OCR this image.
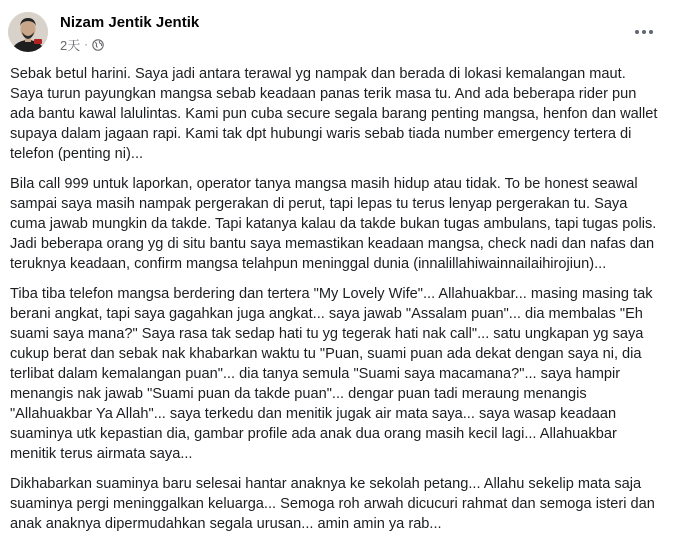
Nizam Jentik Jentik
2天 ·

Sebak betul harini. Saya jadi antara terawal yg nampak dan berada di lokasi kemalangan maut. Saya turun payungkan mangsa sebab keadaan panas terik masa tu. And ada beberapa rider pun ada bantu kawal lalulintas. Kami pun cuba secure segala barang penting mangsa, henfon dan wallet supaya dalam jagaan rapi. Kami tak dpt hubungi waris sebab tiada number emergency tertera di telefon (penting ni)...

Bila call 999 untuk laporkan, operator tanya mangsa masih hidup atau tidak. To be honest seawal sampai saya masih nampak pergerakan di perut, tapi lepas tu terus lenyap pergerakan tu. Saya cuma jawab mungkin da takde. Tapi katanya kalau da takde bukan tugas ambulans, tapi tugas polis. Jadi beberapa orang yg di situ bantu saya memastikan keadaan mangsa, check nadi dan nafas dan teruknya keadaan, confirm mangsa telahpun meninggal dunia (innalillahiwainnailaihirojiun)...

Tiba tiba telefon mangsa berdering dan tertera "My Lovely Wife"... Allahuakbar... masing masing tak berani angkat, tapi saya gagahkan juga angkat... saya jawab "Assalam puan"... dia membalas "Eh suami saya mana?" Saya rasa tak sedap hati tu yg tegerak hati nak call"... satu ungkapan yg saya cukup berat dan sebak nak khabarkan waktu tu "Puan, suami puan ada dekat dengan saya ni, dia terlibat dalam kemalangan puan"... dia tanya semula "Suami saya macamana?"... saya hampir menangis nak jawab "Suami puan da takde puan"... dengar puan tadi meraung menangis "Allahuakbar Ya Allah"... saya terkedu dan menitik jugak air mata saya... saya wasap keadaan suaminya utk kepastian dia, gambar profile ada anak dua orang masih kecil lagi... Allahuakbar menitik terus airmata saya...

Dikhabarkan suaminya baru selesai hantar anaknya ke sekolah petang... Allahu sekelip mata saja suaminya pergi meninggalkan keluarga... Semoga roh arwah dicucuri rahmat dan semoga isteri dan anak anaknya dipermudahkan segala urusan... amin amin ya rab...
